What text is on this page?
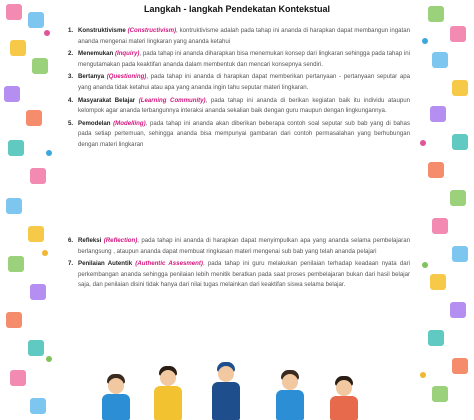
Langkah - langkah Pendekatan Kontekstual
1. Konstruktivisme (Constructivism), kontruktivisme adalah pada tahap ini ananda di harapkan dapat membangun ingatan ananda mengenai materi lingkaran yang ananda ketahui
2. Menemukan (Inquiry), pada tahap ini ananda diharapkan bisa menemukan konsep dari lingkaran sehingga pada tahap ini mengutamakan pada keaktifan ananda dalam membentuk dan mencari konsepnya sendiri.
3. Bertanya (Questioning), pada tahap ini ananda di harapkan dapat memberikan pertanyaan - pertanyaan seputar apa yang ananda tidak ketahui atau apa yang ananda ingin tahu seputar materi lingkaran.
4. Masyarakat Belajar (Learning Community), pada tahap ini ananda di berikan kegiatan baik itu individu ataupun kelompok agar ananda terbangunnya interaksi ananda sekalian baik dengan guru maupun dengan lingkungannya.
5. Pemodelan (Modelling), pada tahap ini ananda akan diberikan beberapa contoh soal seputar sub bab yang di bahas pada setiap pertemuan, sehingga ananda bisa mempunyai gambaran dari contoh permasalahan yang berhubungan dengan materi lingkaran
6. Refleksi (Reflection), pada tahap ini ananda di harapkan dapat menyimpulkan apa yang ananda selama pembelajaran berlangsung , ataupun ananda dapat membuat ringkasan materi mengenai sub bab yang telah ananda pelajari
7. Penilaian Autentik (Authentic Assesment), pada tahap ini guru melakukan penilaian terhadap keadaan nyata dari perkembangan ananda sehingga penilaian lebih menitik beratkan pada saat proses pembelajaran bukan dari hasil belajar saja, dan penilaian disini tidak hanya dari nilai tugas melainkan dari keaktifan siswa selama belajar.
